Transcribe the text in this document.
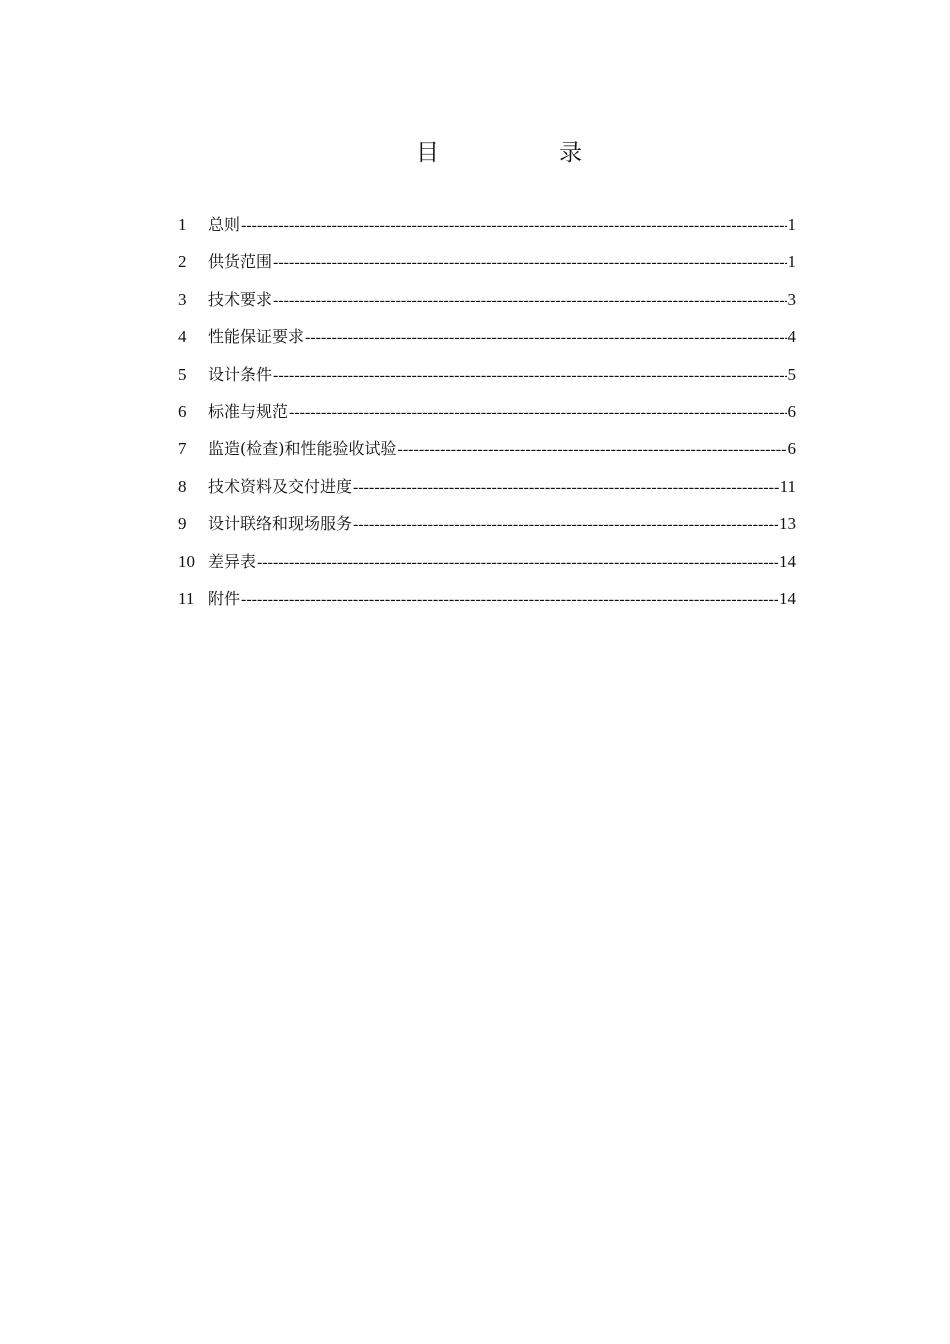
目	录
1	总则 -----	1
2	供货范围 -----	1
3	技术要求 -----	3
4	性能保证要求 -----	4
5	设计条件 -----	5
6	标准与规范 -----	6
7	监造(检查)和性能验收试验 -----	6
8	技术资料及交付进度 -----	11
9	设计联络和现场服务 -----	13
10 差异表 -----	14
11 附件 -----	14
